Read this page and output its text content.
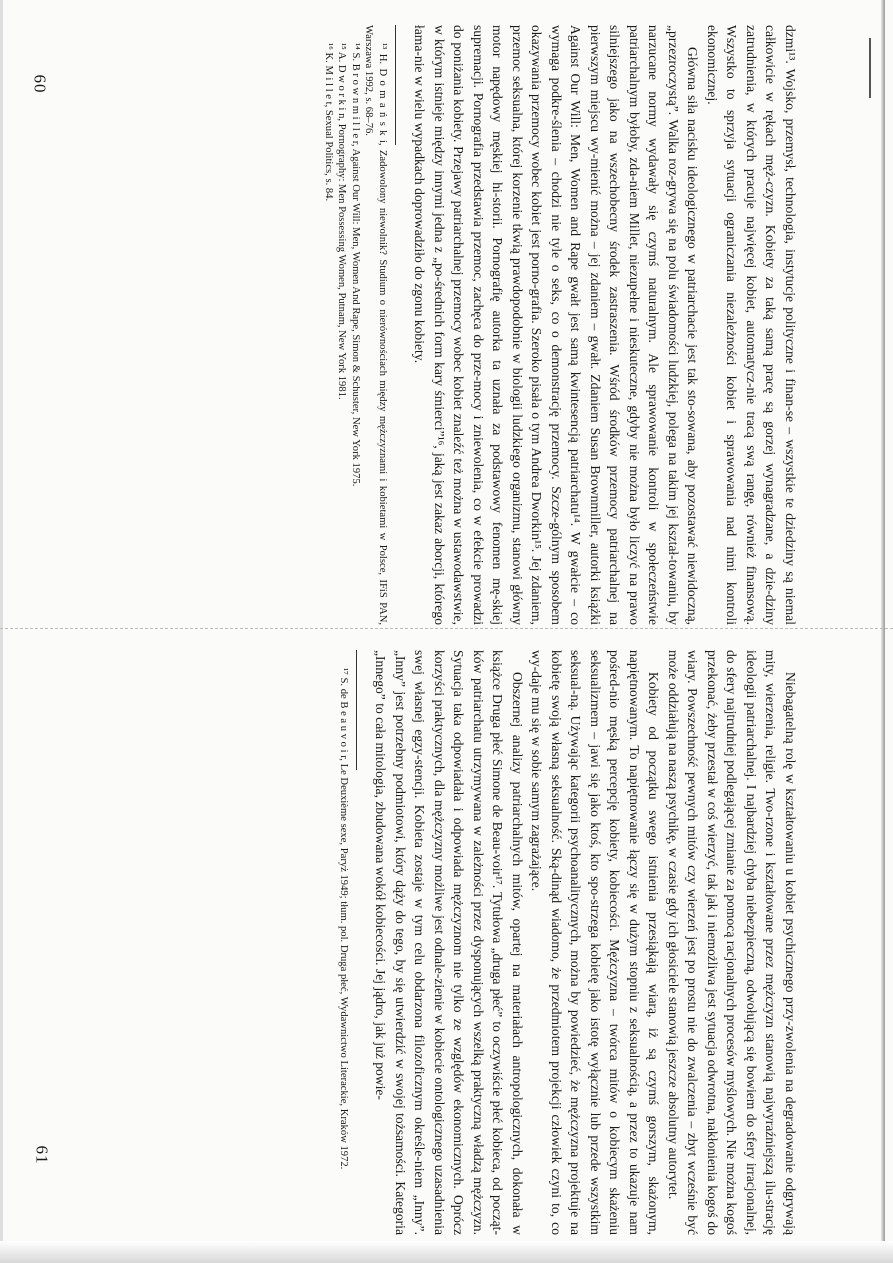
dzmi¹³. Wojsko, przemysł, technologia, instytucje polityczne i finan-se – wszystkie te dziedziny są niemal całkowicie w rękach męż-czyzn. Kobiety za taką samą pracę są gorzej wynagradzane, a dzie-dziny zatrudnienia, w których pracuje najwięcej kobiet, automatycz-nie tracą swą rangę, również finansową. Wszystko to sprzyja sytuacji ograniczania niezależności kobiet i sprawowania nad nimi kontroli ekonomicznej.

Główna siła nacisku ideologicznego w patriarchacie jest tak sto-sowana, aby pozostawać niewidoczną, „przezroczystą”. Walka roz-grywa się na polu świadomości ludzkiej, polega na takim jej kształ-towaniu, by narzucane normy wydawały się czymś naturalnym. Ale sprawowanie kontroli w społeczeństwie patriarchalnym byłoby, zda-niem Millet, niezupełne i nieskuteczne, gdyby nie można było liczyć na prawo silniejszego jako na wszechobecny środek zastraszenia. Wśród środków przemocy patriarchalnej na pierwszym miejscu wy-mienić można – jej zdaniem – gwałt. Zdaniem Susan Brownmiller, autorki książki Against Our Will: Men, Women and Rape gwałt jest samą kwintesencją patriarchatu¹⁴. W gwałcie – co wymaga podkre-ślenia – chodzi nie tyle o seks, co o demonstrację przemocy. Szcze-gólnym sposobem okazywania przemocy wobec kobiet jest porno-grafia. Szeroko pisała o tym Andrea Dworkin¹⁵. Jej zdaniem, przemoc seksualna, której korzenie tkwią prawdopodobnie w biologii ludzkiego organizmu, stanowi główny motor napędowy męskiej hi-storii. Pornografię autorka ta uznała za podstawowy fenomen mę-skiej supremacji. Pornografia przedstawia przemoc, zachęca do prze-mocy i zniewolenia, co w efekcie prowadzi do poniżania kobiety. Przejawy patriarchalnej przemocy wobec kobiet znaleźć też można w ustawodawstwie, w którym istnieje między innymi jedna z „po-średnich form kary śmierci”¹⁶, jaką jest zakaz aborcji, którego łama-nie w wielu wypadkach doprowadziło do zgonu kobiety.

¹³ H. D o m a ń s k i, Zadowolony niewolnik? Studium o nierównościach między mężczyznami i kobietami w Polsce, IFiS PAN, Warszawa 1992, s. 68–76.
¹⁴ S. B r o w n m i l l e r, Against Our Will: Men, Women And Rape, Simon & Schuster, New York 1975.
¹⁵ A. D w o r k i n, Pornography: Men Possessing Women, Putnam, New York 1981.
¹⁶ K. M i l l e t, Sexual Politics, s. 84.
60

Niebagatelną rolę w kształtowaniu u kobiet psychicznego przy-zwolenia na degradowanie odgrywają mity, wierzenia, religie. Two-rzone i kształtowane przez mężczyzn stanowią najwyraźniejszą ilu-strację ideologii patriarchalnej. I najbardziej chyba niebezpieczną, odwołującą się bowiem do sfery irracjonalnej, do sfery najtrudniej podlegającej zmianie za pomocą racjonalnych procesów myślowych. Nie można kogoś przekonać, żeby przestał w coś wierzyć, tak jak i niemożliwa jest sytuacja odwrotna, nakłonienia kogoś do wiary. Powszechność pewnych mitów czy wierzeń jest po prostu nie do zwalczenia – zbyt wcześnie być może oddziałują na naszą psychikę, w czasie gdy ich głosiciele stanowią jeszcze absolutny autorytet.

Kobiety od początku swego istnienia przesiąkają wiarą, iż są czymś gorszym, skażonym, napiętnowanym. To napiętnowanie łączy się w dużym stopniu z seksualnością, a przez to ukazuje nam pośred-nio męską percepcję kobiety, kobiecości. Mężczyzna – twórca mitów o kobiecym skażeniu seksualizmem – jawi się jako ktoś, kto spo-strzega kobietę jako istotę wyłącznie lub przede wszystkim seksual-ną. Używając kategorii psychoanalitycznych, można by powiedzieć, że mężczyzna projektuje na kobietę swoją własną seksualność. Ską-dinąd wiadomo, że przedmiotem projekcji człowiek czyni to, co wy-daje mu się w sobie samym zagrażające.

Obszernej analizy patriarchalnych mitów, opartej na materiałach antropologicznych, dokonała w książce Druga płeć Simone de Beau-voir¹⁷. Tytułowa „druga płeć” to oczywiście płeć kobieca, od począt-ków patriarchatu utrzymywana w zależności przez dysponujących wszelką praktyczną władzą mężczyzn. Sytuacja taka odpowiadała i odpowiada mężczyznom nie tylko ze względów ekonomicznych. Oprócz korzyści praktycznych, dla mężczyzny możliwe jest odnale-zienie w kobiecie ontologicznego uzasadnienia swej własnej egzy-stencji. Kobieta zostaje w tym celu obdarzona filozoficznym określe-niem „Inny”. „Inny” jest potrzebny podmiotowi, który dąży do tego, by się utwierdzić w swojej tożsamości. Kategoria „Innego” to cała mitologia, zbudowana wokół kobiecości. Jej jądro, jak już powie-

¹⁷ S. de B e a u v o i r, Le Deuxième sexe, Paryż 1949; tłum. pol. Druga płeć, Wydawnictwo Literackie, Kraków 1972.
61
